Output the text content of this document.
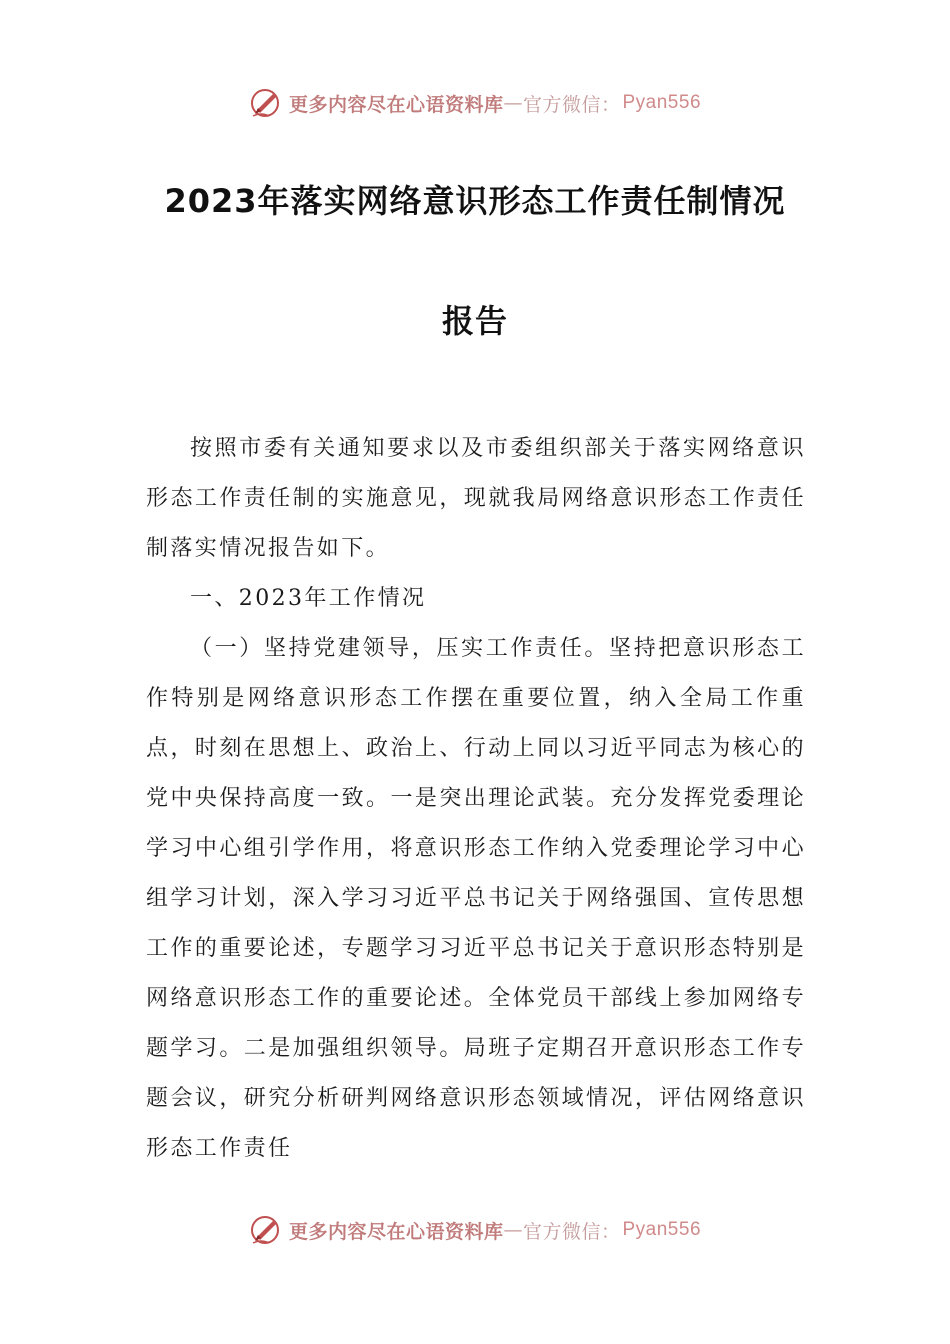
更多内容尽在心语资料库 — 官方微信： Pyan556
2023年落实网络意识形态工作责任制情况
报告

按照市委有关通知要求以及市委组织部关于落实网络意识形态工作责任制的实施意见，现就我局网络意识形态工作责任制落实情况报告如下。

一、2023年工作情况

（一）坚持党建领导，压实工作责任。坚持把意识形态工作特别是网络意识形态工作摆在重要位置，纳入全局工作重点，时刻在思想上、政治上、行动上同以习近平同志为核心的党中央保持高度一致。一是突出理论武装。充分发挥党委理论学习中心组引学作用，将意识形态工作纳入党委理论学习中心组学习计划，深入学习习近平总书记关于网络强国、宣传思想工作的重要论述，专题学习习近平总书记关于意识形态特别是网络意识形态工作的重要论述。全体党员干部线上参加网络专题学习。二是加强组织领导。局班子定期召开意识形态工作专题会议，研究分析研判网络意识形态领域情况，评估网络意识形态工作责任

更多内容尽在心语资料库 — 官方微信： Pyan556
